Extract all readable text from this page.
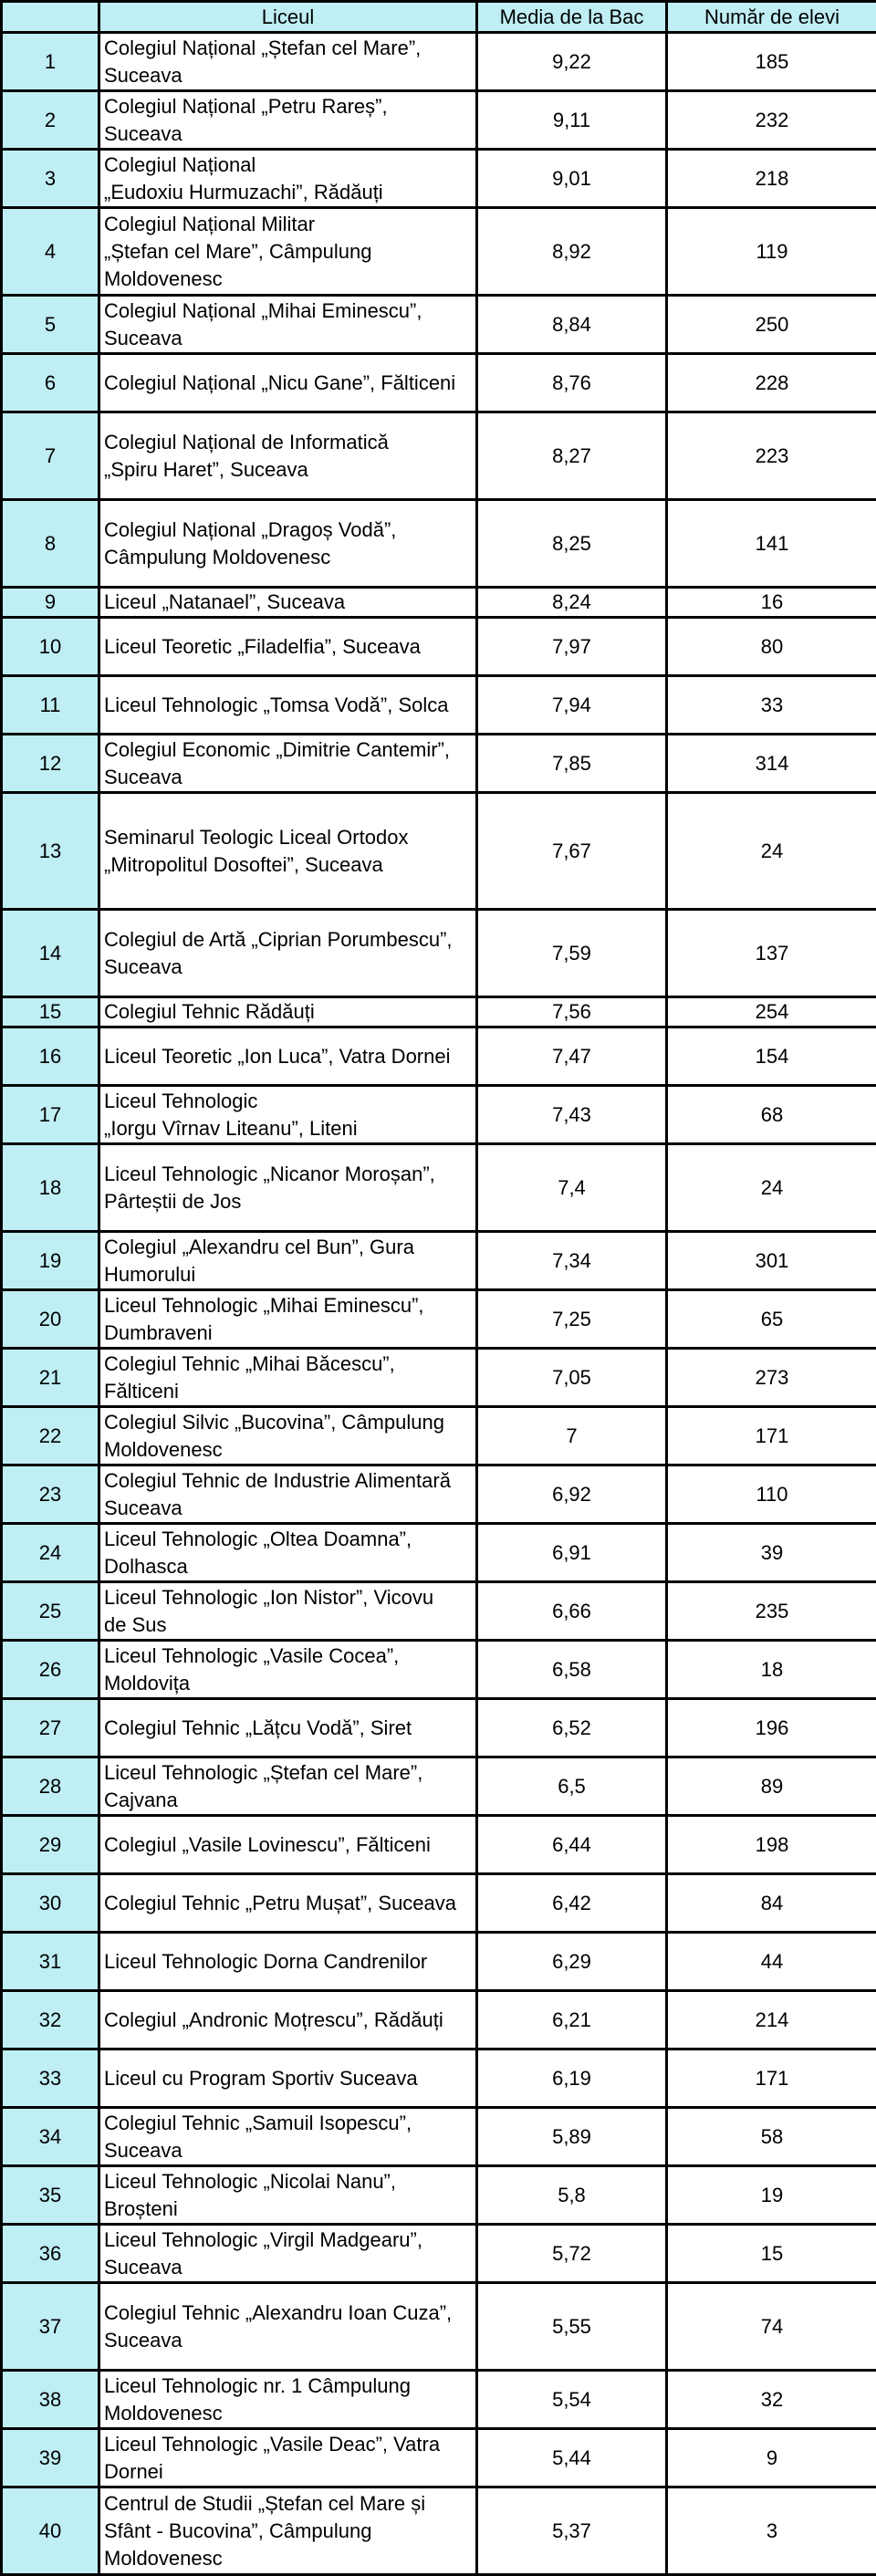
	Liceul	Media de la Bac	Număr de elevi
1	Colegiul Național „Ștefan cel Mare”,
Suceava	9,22	185
2	Colegiul Național „Petru Rareș”,
Suceava	9,11	232
3	Colegiul Național
„Eudoxiu Hurmuzachi”, Rădăuți	9,01	218
4	Colegiul Național Militar
„Ștefan cel Mare”, Câmpulung
Moldovenesc	8,92	119
5	Colegiul Național „Mihai Eminescu”,
Suceava	8,84	250
6	Colegiul Național „Nicu Gane”, Fălticeni	8,76	228
7	Colegiul Național de Informatică
„Spiru Haret”, Suceava	8,27	223
8	Colegiul Național „Dragoș Vodă”,
Câmpulung Moldovenesc	8,25	141
9	Liceul „Natanael”, Suceava	8,24	16
10	Liceul Teoretic „Filadelfia”, Suceava	7,97	80
11	Liceul Tehnologic „Tomsa Vodă”, Solca	7,94	33
12	Colegiul Economic „Dimitrie Cantemir”,
Suceava	7,85	314
13	Seminarul Teologic Liceal Ortodox
„Mitropolitul Dosoftei”, Suceava	7,67	24
14	Colegiul de Artă „Ciprian Porumbescu”,
Suceava	7,59	137
15	Colegiul Tehnic Rădăuți	7,56	254
16	Liceul Teoretic „Ion Luca”, Vatra Dornei	7,47	154
17	Liceul Tehnologic
„Iorgu Vîrnav Liteanu”, Liteni	7,43	68
18	Liceul Tehnologic „Nicanor Moroșan”,
Pârteștii de Jos	7,4	24
19	Colegiul „Alexandru cel Bun”, Gura
Humorului	7,34	301
20	Liceul Tehnologic „Mihai Eminescu”,
Dumbraveni	7,25	65
21	Colegiul Tehnic „Mihai Băcescu”,
Fălticeni	7,05	273
22	Colegiul Silvic „Bucovina”, Câmpulung
Moldovenesc	7	171
23	Colegiul Tehnic de Industrie Alimentară
Suceava	6,92	110
24	Liceul Tehnologic „Oltea Doamna”,
Dolhasca	6,91	39
25	Liceul Tehnologic „Ion Nistor”, Vicovu
de Sus	6,66	235
26	Liceul Tehnologic „Vasile Cocea”,
Moldovița	6,58	18
27	Colegiul Tehnic „Lățcu Vodă”, Siret	6,52	196
28	Liceul Tehnologic „Ștefan cel Mare”,
Cajvana	6,5	89
29	Colegiul „Vasile Lovinescu”, Fălticeni	6,44	198
30	Colegiul Tehnic „Petru Mușat”, Suceava	6,42	84
31	Liceul Tehnologic Dorna Candrenilor	6,29	44
32	Colegiul „Andronic Moțrescu”, Rădăuți	6,21	214
33	Liceul cu Program Sportiv Suceava	6,19	171
34	Colegiul Tehnic „Samuil Isopescu”,
Suceava	5,89	58
35	Liceul Tehnologic „Nicolai Nanu”,
Broșteni	5,8	19
36	Liceul Tehnologic „Virgil Madgearu”,
Suceava	5,72	15
37	Colegiul Tehnic „Alexandru Ioan Cuza”,
Suceava	5,55	74
38	Liceul Tehnologic nr. 1 Câmpulung
Moldovenesc	5,54	32
39	Liceul Tehnologic „Vasile Deac”, Vatra
Dornei	5,44	9
40	Centrul de Studii „Ștefan cel Mare și
Sfânt - Bucovina”, Câmpulung
Moldovenesc	5,37	3
